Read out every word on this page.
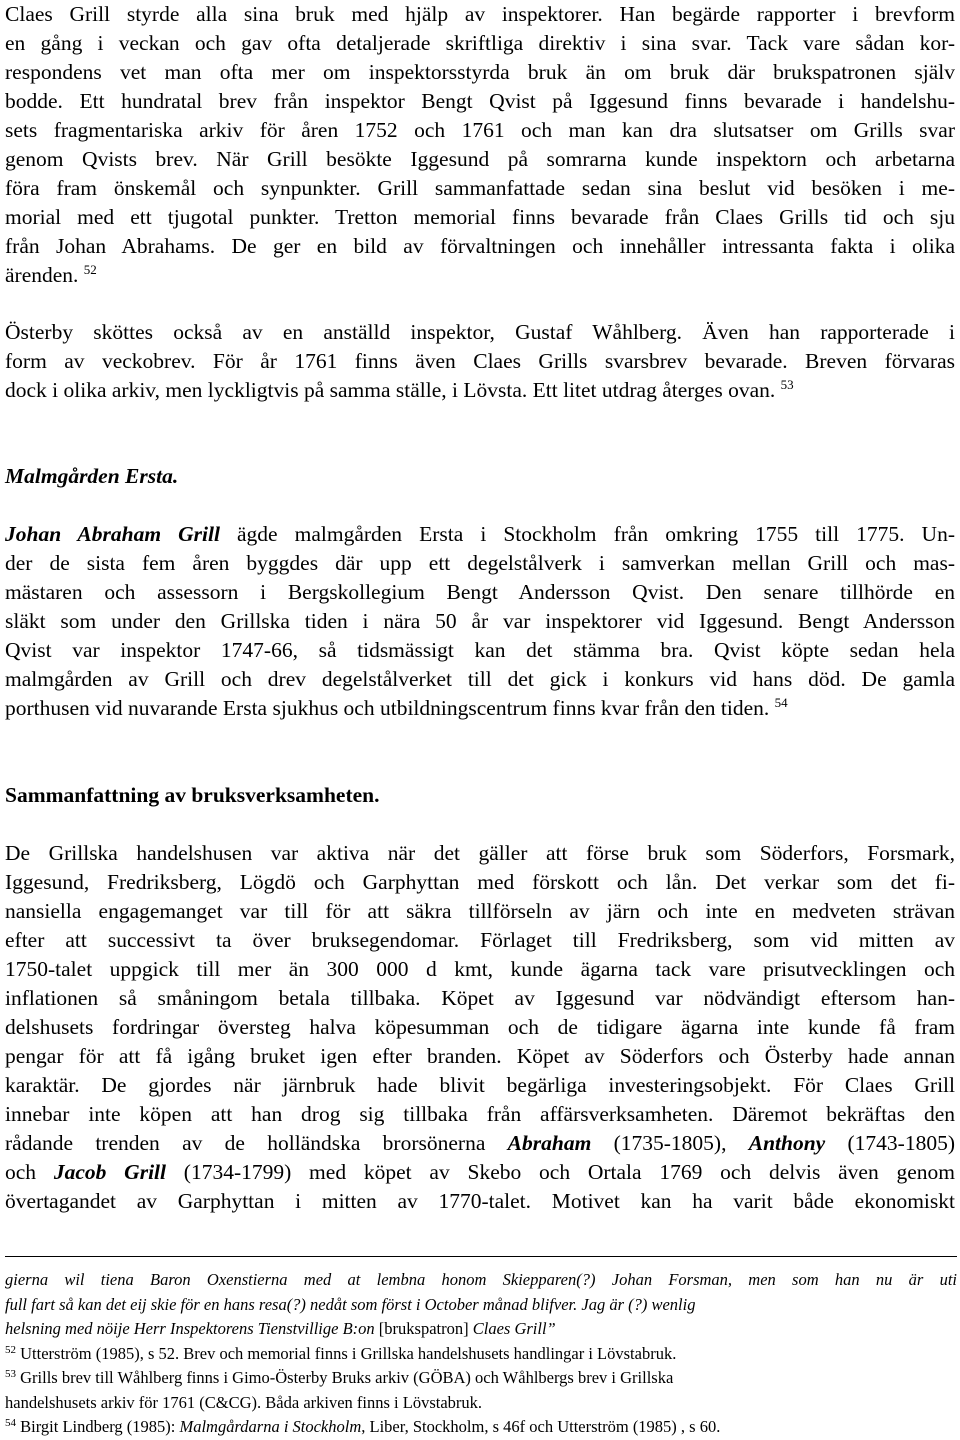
Claes Grill styrde alla sina bruk med hjälp av inspektorer. Han begärde rapporter i brevform
en gång i veckan och gav ofta detaljerade skriftliga direktiv i sina svar. Tack vare sådan kor-
respondens vet man ofta mer om inspektorsstyrda bruk än om bruk där brukspatronen själv
bodde. Ett hundratal brev från inspektor Bengt Qvist på Iggesund finns bevarade i handelshu-
sets fragmentariska arkiv för åren 1752 och 1761 och man kan dra slutsatser om Grills svar
genom Qvists brev. När Grill besökte Iggesund på somrarna kunde inspektorn och arbetarna
föra fram önskemål och synpunkter. Grill sammanfattade sedan sina beslut vid besöken i me-
morial med ett tjugotal punkter. Tretton memorial finns bevarade från Claes Grills tid och sju
från Johan Abrahams. De ger en bild av förvaltningen och innehåller intressanta fakta i olika
ärenden. $^{52}$
Österby sköttes också av en anställd inspektor, Gustaf Wåhlberg. Även han rapporterade i
form av veckobrev. För år 1761 finns även Claes Grills svarsbrev bevarade. Breven förvaras
dock i olika arkiv, men lyckligtvis på samma ställe, i Lövsta. Ett litet utdrag återges ovan. $^{53}$
Malmgården Ersta.
Johan Abraham Grill ägde malmgården Ersta i Stockholm från omkring 1755 till 1775. Un-
der de sista fem åren byggdes där upp ett degelstålverk i samverkan mellan Grill och mas-
mästaren och assessorn i Bergskollegium Bengt Andersson Qvist. Den senare tillhörde en
släkt som under den Grillska tiden i nära 50 år var inspektorer vid Iggesund. Bengt Andersson
Qvist var inspektor 1747-66, så tidsmässigt kan det stämma bra. Qvist köpte sedan hela
malmgården av Grill och drev degelstålverket till det gick i konkurs vid hans död. De gamla
porthusen vid nuvarande Ersta sjukhus och utbildningscentrum finns kvar från den tiden. $^{54}$
Sammanfattning av bruksverksamheten.
De Grillska handelshusen var aktiva när det gäller att förse bruk som Söderfors, Forsmark,
Iggesund, Fredriksberg, Lögdö och Garphyttan med förskott och lån. Det verkar som det fi-
nansiella engagemanget var till för att säkra tillförseln av järn och inte en medveten strävan
efter att successivt ta över bruksegendomar. Förlaget till Fredriksberg, som vid mitten av
1750-talet uppgick till mer än 300 000 d kmt, kunde ägarna tack vare prisutvecklingen och
inflationen så småningom betala tillbaka. Köpet av Iggesund var nödvändigt eftersom han-
delshusets fordringar översteg halva köpesumman och de tidigare ägarna inte kunde få fram
pengar för att få igång bruket igen efter branden. Köpet av Söderfors och Österby hade annan
karaktär. De gjordes när järnbruk hade blivit begärliga investeringsobjekt. För Claes Grill
innebar inte köpen att han drog sig tillbaka från affärsverksamheten. Däremot bekräftas den
rådande trenden av de holländska brorsönerna Abraham (1735-1805), Anthony (1743-1805)
och Jacob Grill (1734-1799) med köpet av Skebo och Ortala 1769 och delvis även genom
övertagandet av Garphyttan i mitten av 1770-talet. Motivet kan ha varit både ekonomiskt
gierna wil tiena Baron Oxenstierna med at lembna honom Skiepparen(?) Johan Forsman, men som han nu är uti
full fart så kan det eij skie för en hans resa(?) nedåt som först i October månad blifver. Jag är (?) wenlig
helsning med nöije Herr Inspektorens Tienstvillige B:on [brukspatron] Claes Grill”
$^{52}$ Utterström (1985), s 52. Brev och memorial finns i Grillska handelshusets handlingar i Lövstabruk.
$^{53}$ Grills brev till Wåhlberg finns i Gimo-Österby Bruks arkiv (GÖBA) och Wåhlbergs brev i Grillska
handelshusets arkiv för 1761 (C&CG). Båda arkiven finns i Lövstabruk.
$^{54}$ Birgit Lindberg (1985): Malmgårdarna i Stockholm, Liber, Stockholm, s 46f och Utterström (1985) , s 60.
